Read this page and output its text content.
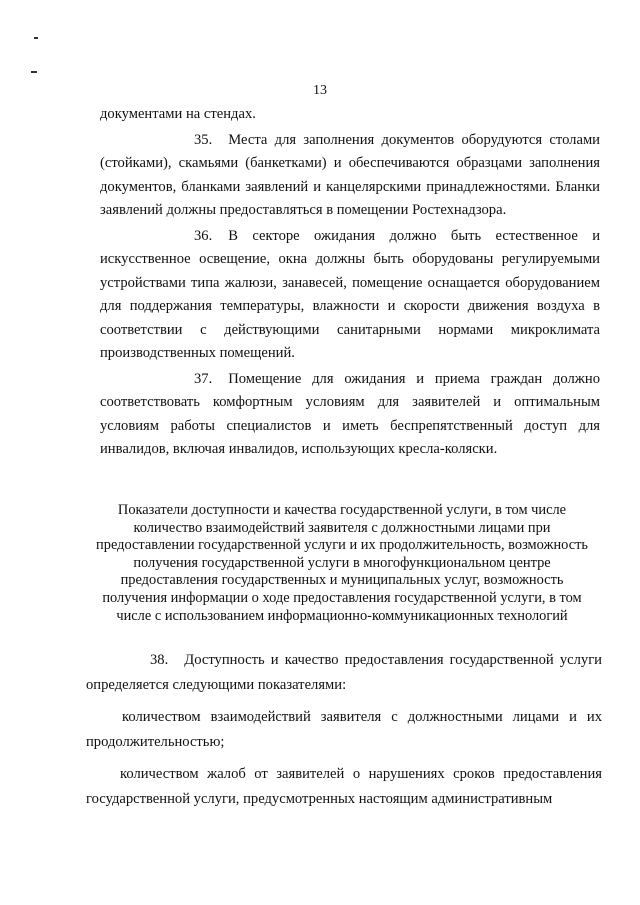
13

документами на стендах.

35. Места для заполнения документов оборудуются столами (стойками), скамьями (банкетками) и обеспечиваются образцами заполнения документов, бланками заявлений и канцелярскими принадлежностями. Бланки заявлений должны предоставляться в помещении Ростехнадзора.

36. В секторе ожидания должно быть естественное и искусственное освещение, окна должны быть оборудованы регулируемыми устройствами типа жалюзи, занавесей, помещение оснащается оборудованием для поддержания температуры, влажности и скорости движения воздуха в соответствии с действующими санитарными нормами микроклимата производственных помещений.

37. Помещение для ожидания и приема граждан должно соответствовать комфортным условиям для заявителей и оптимальным условиям работы специалистов и иметь беспрепятственный доступ для инвалидов, включая инвалидов, использующих кресла-коляски.

Показатели доступности и качества государственной услуги, в том числе
количество взаимодействий заявителя с должностными лицами при
предоставлении государственной услуги и их продолжительность, возможность
получения государственной услуги в многофункциональном центре
предоставления государственных и муниципальных услуг, возможность
получения информации о ходе предоставления государственной услуги, в том
числе с использованием информационно-коммуникационных технологий

38. Доступность и качество предоставления государственной услуги определяется следующими показателями:

количеством взаимодействий заявителя с должностными лицами и их продолжительностью;

количеством жалоб от заявителей о нарушениях сроков предоставления государственной услуги, предусмотренных настоящим административным
